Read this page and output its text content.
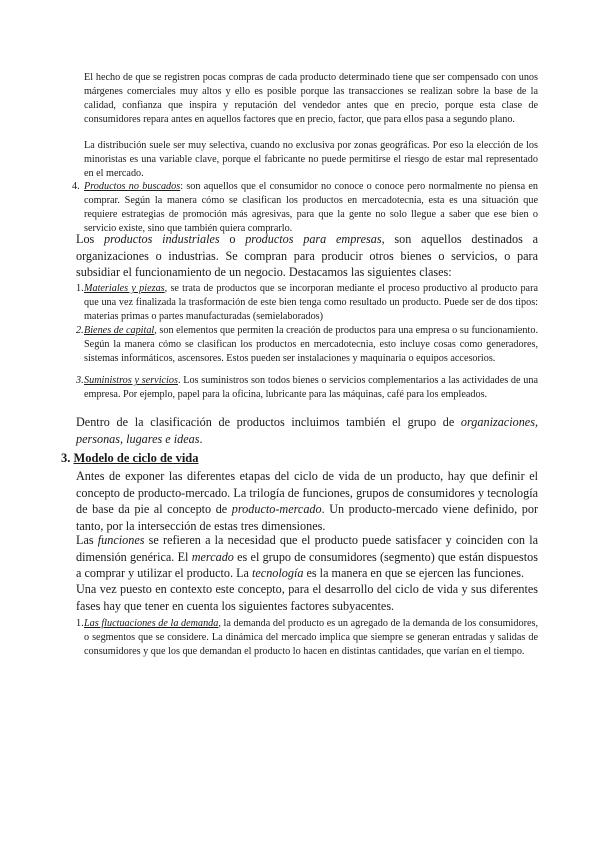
El hecho de que se registren pocas compras de cada producto determinado tiene que ser compensado con unos márgenes comerciales muy altos y ello es posible porque las transacciones se realizan sobre la base de la calidad, confianza que inspira y reputación del vendedor antes que en precio, porque esta clase de consumidores repara antes en aquellos factores que en precio, factor, que para ellos pasa a segundo plano.
La distribución suele ser muy selectiva, cuando no exclusiva por zonas geográficas. Por eso la elección de los minoristas es una variable clave, porque el fabricante no puede permitirse el riesgo de estar mal representado en el mercado.
4. Productos no buscados: son aquellos que el consumidor no conoce o conoce pero normalmente no piensa en comprar. Según la manera cómo se clasifican los productos en mercadotecnia, esta es una situación que requiere estrategias de promoción más agresivas, para que la gente no solo llegue a saber que ese bien o servicio existe, sino que también quiera comprarlo.
Los productos industriales o productos para empresas, son aquellos destinados a organizaciones o industrias. Se compran para producir otros bienes o servicios, o para subsidiar el funcionamiento de un negocio. Destacamos las siguientes clases:
1. Materiales y piezas, se trata de productos que se incorporan mediante el proceso productivo al producto para que una vez finalizada la trasformación de este bien tenga como resultado un producto. Puede ser de dos tipos: materias primas o partes manufacturadas (semielaborados)
2. Bienes de capital, son elementos que permiten la creación de productos para una empresa o su funcionamiento. Según la manera cómo se clasifican los productos en mercadotecnia, esto incluye cosas como generadores, sistemas informáticos, ascensores. Estos pueden ser instalaciones y maquinaria o equipos accesorios.
3. Suministros y servicios. Los suministros son todos bienes o servicios complementarios a las actividades de una empresa. Por ejemplo, papel para la oficina, lubricante para las máquinas, café para los empleados.
Dentro de la clasificación de productos incluimos también el grupo de organizaciones, personas, lugares e ideas.
3. Modelo de ciclo de vida
Antes de exponer las diferentes etapas del ciclo de vida de un producto, hay que definir el concepto de producto-mercado. La trilogía de funciones, grupos de consumidores y tecnología de base da pie al concepto de producto-mercado. Un producto-mercado viene definido, por tanto, por la intersección de estas tres dimensiones.
Las funciones se refieren a la necesidad que el producto puede satisfacer y coinciden con la dimensión genérica. El mercado es el grupo de consumidores (segmento) que están dispuestos a comprar y utilizar el producto. La tecnología es la manera en que se ejercen las funciones.
Una vez puesto en contexto este concepto, para el desarrollo del ciclo de vida y sus diferentes fases hay que tener en cuenta los siguientes factores subyacentes.
1. Las fluctuaciones de la demanda, la demanda del producto es un agregado de la demanda de los consumidores, o segmentos que se considere. La dinámica del mercado implica que siempre se generan entradas y salidas de consumidores y que los que demandan el producto lo hacen en distintas cantidades, que varían en el tiempo.
